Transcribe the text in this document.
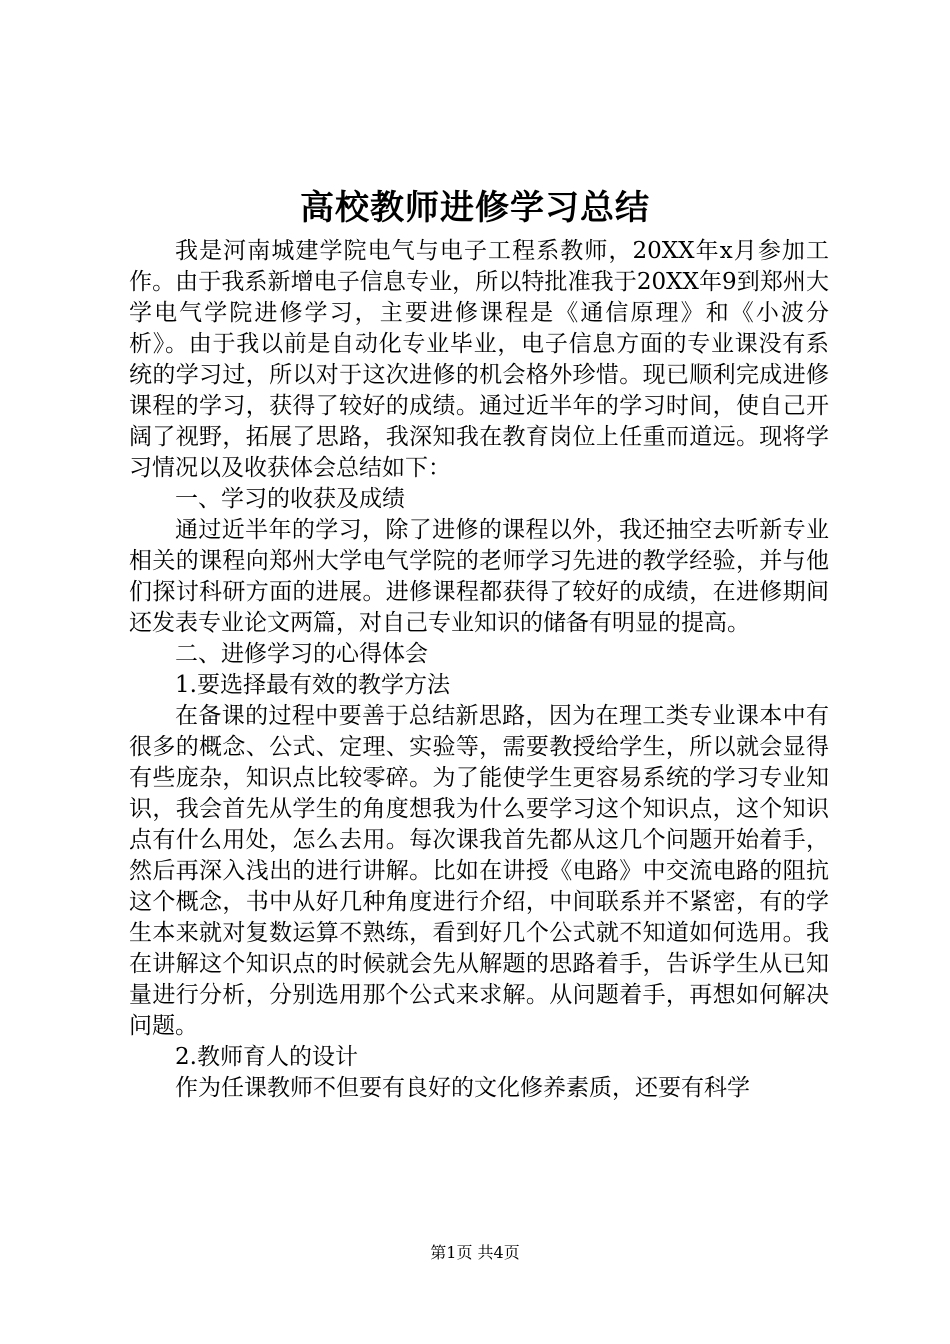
高校教师进修学习总结

我是河南城建学院电气与电子工程系教师，20XX年x月参加工作。由于我系新增电子信息专业，所以特批准我于20XX年9到郑州大学电气学院进修学习，主要进修课程是《通信原理》和《小波分析》。由于我以前是自动化专业毕业，电子信息方面的专业课没有系统的学习过，所以对于这次进修的机会格外珍惜。现已顺利完成进修课程的学习，获得了较好的成绩。通过近半年的学习时间，使自己开阔了视野，拓展了思路，我深知我在教育岗位上任重而道远。现将学习情况以及收获体会总结如下：

一、学习的收获及成绩

通过近半年的学习，除了进修的课程以外，我还抽空去听新专业相关的课程向郑州大学电气学院的老师学习先进的教学经验，并与他们探讨科研方面的进展。进修课程都获得了较好的成绩，在进修期间还发表专业论文两篇，对自己专业知识的储备有明显的提高。

二、进修学习的心得体会

1.要选择最有效的教学方法

在备课的过程中要善于总结新思路，因为在理工类专业课本中有很多的概念、公式、定理、实验等，需要教授给学生，所以就会显得有些庞杂，知识点比较零碎。为了能使学生更容易系统的学习专业知识，我会首先从学生的角度想我为什么要学习这个知识点，这个知识点有什么用处，怎么去用。每次课我首先都从这几个问题开始着手，然后再深入浅出的进行讲解。比如在讲授《电路》中交流电路的阻抗这个概念，书中从好几种角度进行介绍，中间联系并不紧密，有的学生本来就对复数运算不熟练，看到好几个公式就不知道如何选用。我在讲解这个知识点的时候就会先从解题的思路着手，告诉学生从已知量进行分析，分别选用那个公式来求解。从问题着手，再想如何解决问题。

2.教师育人的设计

作为任课教师不但要有良好的文化修养素质，还要有科学

第1页 共4页
